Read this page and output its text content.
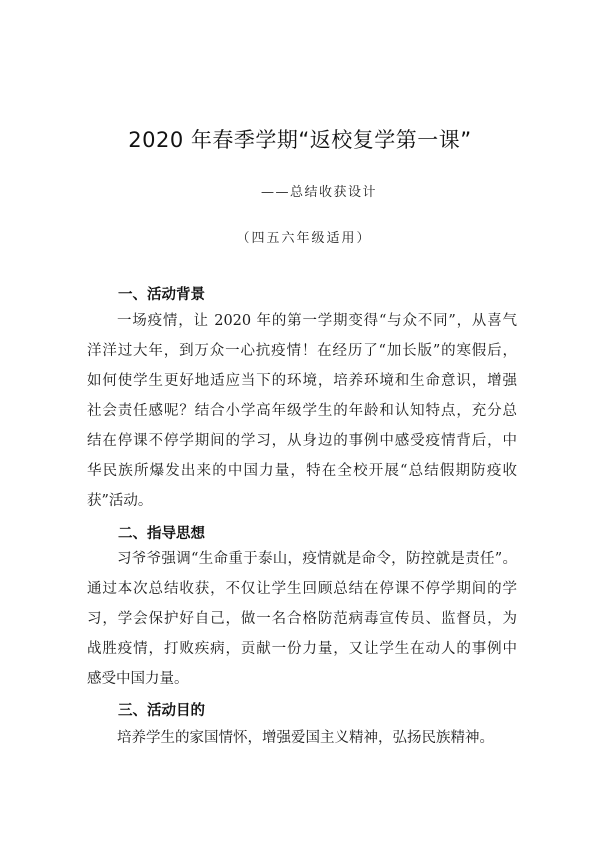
2020 年春季学期“返校复学第一课”
——总结收获设计
（四五六年级适用）
一、活动背景
一场疫情，让 2020 年的第一学期变得“与众不同”，从喜气
洋洋过大年，到万众一心抗疫情！在经历了“加长版”的寒假后，
如何使学生更好地适应当下的环境，培养环境和生命意识，增强
社会责任感呢？结合小学高年级学生的年龄和认知特点，充分总
结在停课不停学期间的学习，从身边的事例中感受疫情背后，中
华民族所爆发出来的中国力量，特在全校开展“总结假期防疫收
获”活动。
二、指导思想
习爷爷强调“生命重于泰山，疫情就是命令，防控就是责任”。
通过本次总结收获，不仅让学生回顾总结在停课不停学期间的学
习，学会保护好自己，做一名合格防范病毒宣传员、监督员，为
战胜疫情，打败疾病，贡献一份力量，又让学生在动人的事例中
感受中国力量。
三、活动目的
培养学生的家国情怀，增强爱国主义精神，弘扬民族精神。
